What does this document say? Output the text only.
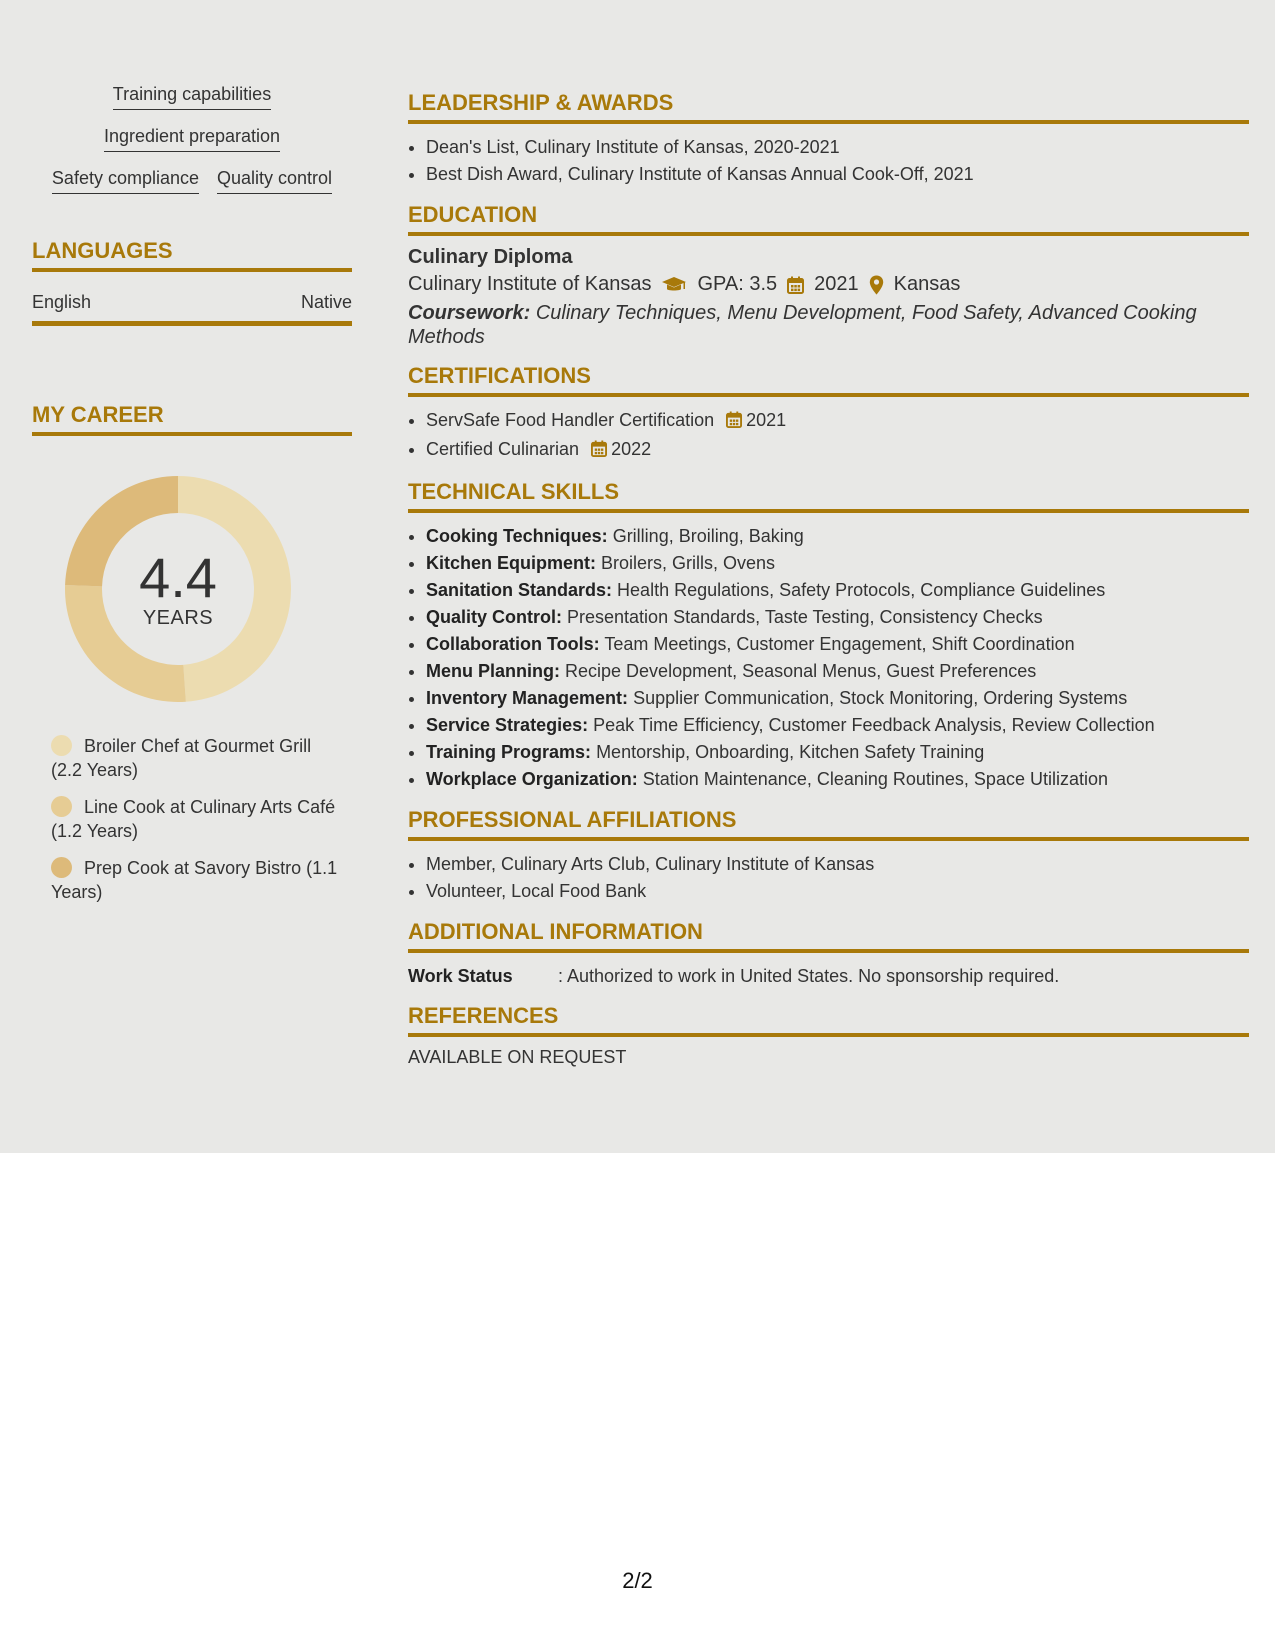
Training capabilities
Ingredient preparation
Safety compliance Quality control
LANGUAGES
English	Native
MY CAREER
4.4
YEARS
Broiler Chef at Gourmet Grill (2.2 Years)
Line Cook at Culinary Arts Café (1.2 Years)
Prep Cook at Savory Bistro (1.1 Years)
LEADERSHIP & AWARDS
• Dean's List, Culinary Institute of Kansas, 2020-2021
• Best Dish Award, Culinary Institute of Kansas Annual Cook-Off, 2021
EDUCATION
Culinary Diploma
Culinary Institute of Kansas GPA: 3.5 2021 Kansas
Coursework: Culinary Techniques, Menu Development, Food Safety, Advanced Cooking Methods
CERTIFICATIONS
• ServSafe Food Handler Certification 2021
• Certified Culinarian 2022
TECHNICAL SKILLS
• Cooking Techniques: Grilling, Broiling, Baking
• Kitchen Equipment: Broilers, Grills, Ovens
• Sanitation Standards: Health Regulations, Safety Protocols, Compliance Guidelines
• Quality Control: Presentation Standards, Taste Testing, Consistency Checks
• Collaboration Tools: Team Meetings, Customer Engagement, Shift Coordination
• Menu Planning: Recipe Development, Seasonal Menus, Guest Preferences
• Inventory Management: Supplier Communication, Stock Monitoring, Ordering Systems
• Service Strategies: Peak Time Efficiency, Customer Feedback Analysis, Review Collection
• Training Programs: Mentorship, Onboarding, Kitchen Safety Training
• Workplace Organization: Station Maintenance, Cleaning Routines, Space Utilization
PROFESSIONAL AFFILIATIONS
• Member, Culinary Arts Club, Culinary Institute of Kansas
• Volunteer, Local Food Bank
ADDITIONAL INFORMATION
Work Status	: Authorized to work in United States. No sponsorship required.
REFERENCES
AVAILABLE ON REQUEST
2/2
